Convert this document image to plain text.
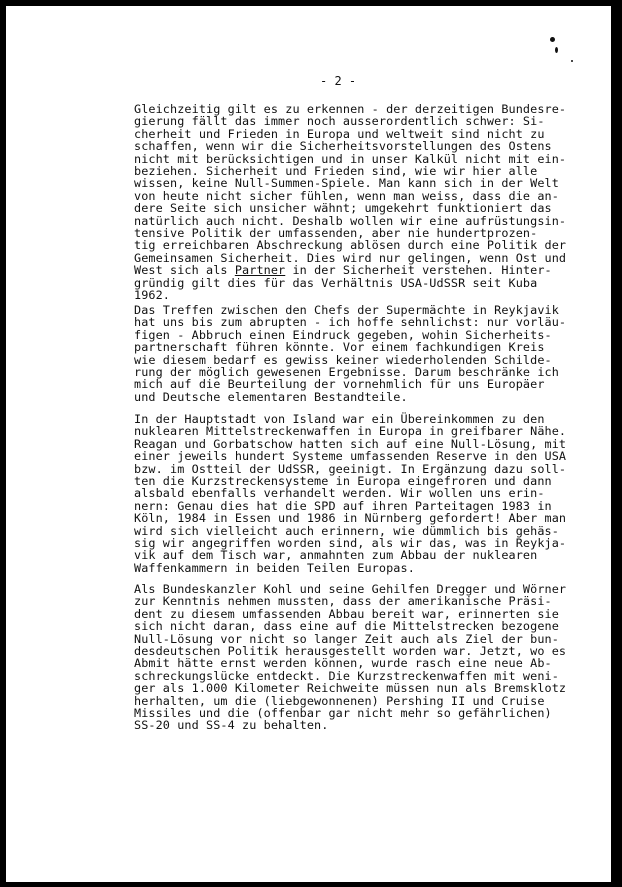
- 2 -
Gleichzeitig gilt es zu erkennen - der derzeitigen Bundesre-
gierung fällt das immer noch ausserordentlich schwer: Si-
cherheit und Frieden in Europa und weltweit sind nicht zu
schaffen, wenn wir die Sicherheitsvorstellungen des Ostens
nicht mit berücksichtigen und in unser Kalkül nicht mit ein-
beziehen. Sicherheit und Frieden sind, wie wir hier alle
wissen, keine Null-Summen-Spiele. Man kann sich in der Welt
von heute nicht sicher fühlen, wenn man weiss, dass die an-
dere Seite sich unsicher wähnt; umgekehrt funktioniert das
natürlich auch nicht. Deshalb wollen wir eine aufrüstungsin-
tensive Politik der umfassenden, aber nie hundertprozen-
tig erreichbaren Abschreckung ablösen durch eine Politik der
Gemeinsamen Sicherheit. Dies wird nur gelingen, wenn Ost und
West sich als Partner in der Sicherheit verstehen. Hinter-
gründig gilt dies für das Verhältnis USA-UdSSR seit Kuba
1962.
Das Treffen zwischen den Chefs der Supermächte in Reykjavik
hat uns bis zum abrupten - ich hoffe sehnlichst: nur vorläu-
figen - Abbruch einen Eindruck gegeben, wohin Sicherheits-
partnerschaft führen könnte. Vor einem fachkundigen Kreis
wie diesem bedarf es gewiss keiner wiederholenden Schilde-
rung der möglich gewesenen Ergebnisse. Darum beschränke ich
mich auf die Beurteilung der vornehmlich für uns Europäer
und Deutsche elementaren Bestandteile.
In der Hauptstadt von Island war ein Übereinkommen zu den
nuklearen Mittelstreckenwaffen in Europa in greifbarer Nähe.
Reagan und Gorbatschow hatten sich auf eine Null-Lösung, mit
einer jeweils hundert Systeme umfassenden Reserve in den USA
bzw. im Ostteil der UdSSR, geeinigt. In Ergänzung dazu soll-
ten die Kurzstreckensysteme in Europa eingefroren und dann
alsbald ebenfalls verhandelt werden. Wir wollen uns erin-
nern: Genau dies hat die SPD auf ihren Parteitagen 1983 in
Köln, 1984 in Essen und 1986 in Nürnberg gefordert! Aber man
wird sich vielleicht auch erinnern, wie dümmlich bis gehäs-
sig wir angegriffen worden sind, als wir das, was in Reykja-
vik auf dem Tisch war, anmahnten zum Abbau der nuklearen
Waffenkammern in beiden Teilen Europas.
Als Bundeskanzler Kohl und seine Gehilfen Dregger und Wörner
zur Kenntnis nehmen mussten, dass der amerikanische Präsi-
dent zu diesem umfassenden Abbau bereit war, erinnerten sie
sich nicht daran, dass eine auf die Mittelstrecken bezogene
Null-Lösung vor nicht so langer Zeit auch als Ziel der bun-
desdeutschen Politik herausgestellt worden war. Jetzt, wo es
Abmit hätte ernst werden können, wurde rasch eine neue Ab-
schreckungslücke entdeckt. Die Kurzstreckenwaffen mit weni-
ger als 1.000 Kilometer Reichweite müssen nun als Bremsklotz
herhalten, um die (liebgewonnenen) Pershing II und Cruise
Missiles und die (offenbar gar nicht mehr so gefährlichen)
SS-20 und SS-4 zu behalten.
